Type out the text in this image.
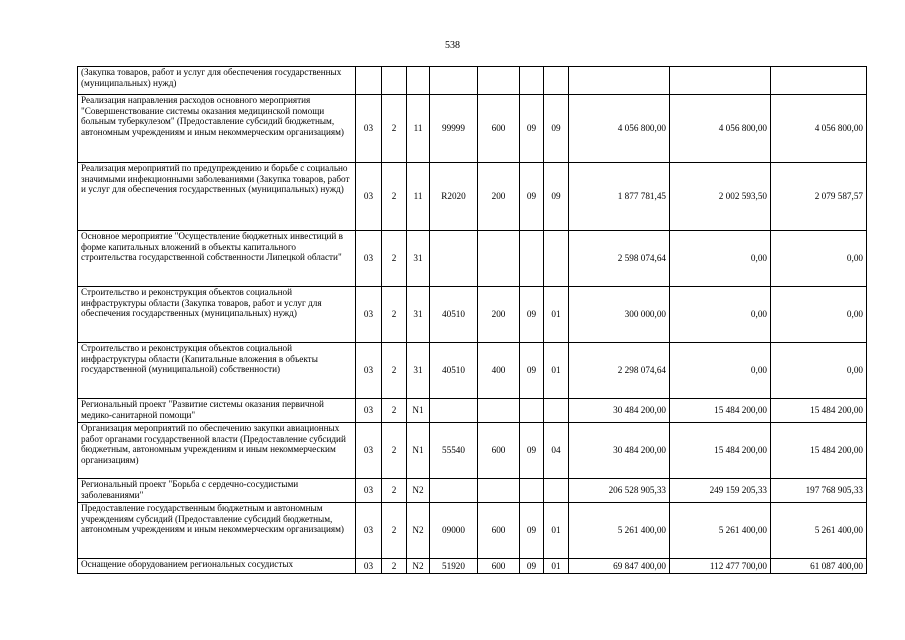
538
(Закупка товаров, работ и услуг для обеспечения государственных (муниципальных) нужд)										
Реализация направления расходов основного мероприятия "Совершенствование системы оказания медицинской помощи больным туберкулезом" (Предоставление субсидий бюджетным, автономным учреждениям и иным некоммерческим организациям)	03	2	11	99999	600	09	09	4 056 800,00	4 056 800,00	4 056 800,00
Реализация мероприятий по предупреждению и борьбе с социально значимыми инфекционными заболеваниями (Закупка товаров, работ и услуг для обеспечения государственных (муниципальных) нужд)	03	2	11	R2020	200	09	09	1 877 781,45	2 002 593,50	2 079 587,57
Основное мероприятие "Осуществление бюджетных инвестиций в форме капитальных вложений в объекты капитального строительства государственной собственности Липецкой области"	03	2	31					2 598 074,64	0,00	0,00
Строительство и реконструкция объектов социальной инфраструктуры области (Закупка товаров, работ и услуг для обеспечения государственных (муниципальных) нужд)	03	2	31	40510	200	09	01	300 000,00	0,00	0,00
Строительство и реконструкция объектов социальной инфраструктуры области (Капитальные вложения в объекты государственной (муниципальной) собственности)	03	2	31	40510	400	09	01	2 298 074,64	0,00	0,00
Региональный проект "Развитие системы оказания первичной медико-санитарной помощи"	03	2	N1					30 484 200,00	15 484 200,00	15 484 200,00
Организация мероприятий по обеспечению закупки авиационных работ органами государственной власти (Предоставление субсидий бюджетным, автономным учреждениям и иным некоммерческим организациям)	03	2	N1	55540	600	09	04	30 484 200,00	15 484 200,00	15 484 200,00
Региональный проект "Борьба с сердечно-сосудистыми заболеваниями"	03	2	N2					206 528 905,33	249 159 205,33	197 768 905,33
Предоставление государственным бюджетным и автономным учреждениям субсидий (Предоставление субсидий бюджетным, автономным учреждениям и иным некоммерческим организациям)	03	2	N2	09000	600	09	01	5 261 400,00	5 261 400,00	5 261 400,00
Оснащение оборудованием региональных сосудистых	03	2	N2	51920	600	09	01	69 847 400,00	112 477 700,00	61 087 400,00
